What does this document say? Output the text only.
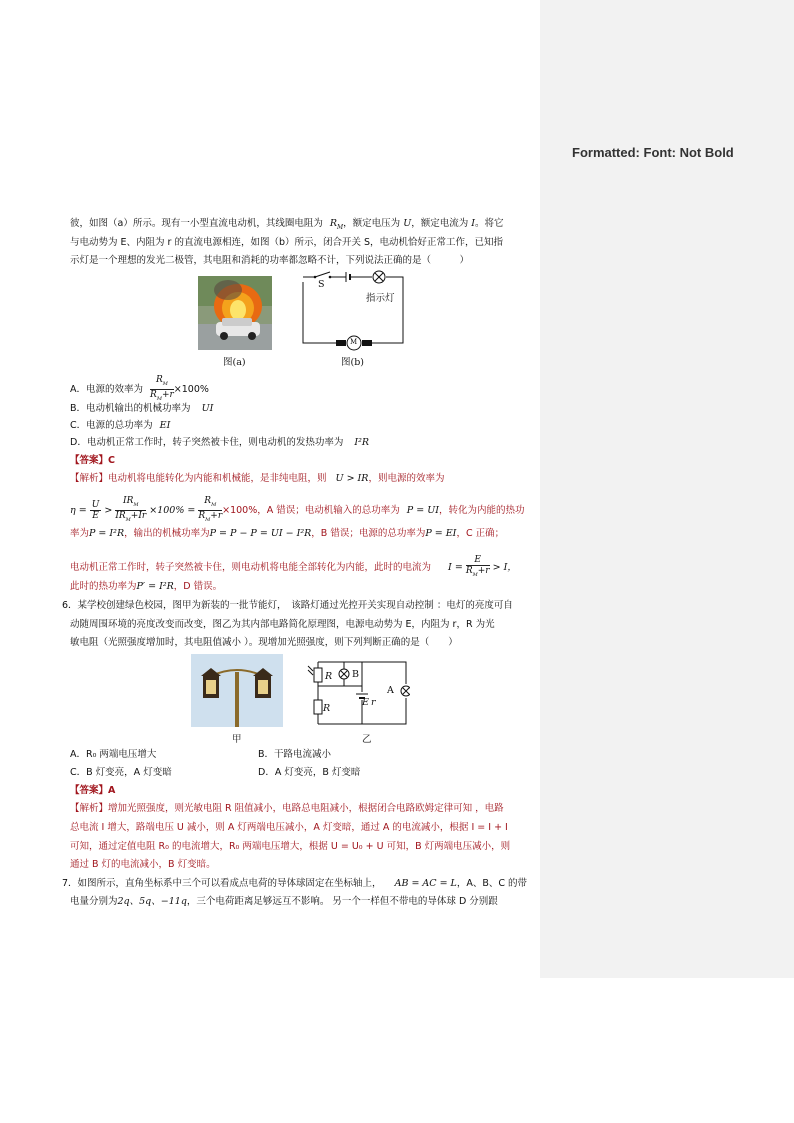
Formatted: Font: Not Bold
彼，如图（a）所示。现有一小型直流电动机，其线圈电阻为 $R_M$，额定电压为 U，额定电流为 I。将它
与电动势为 E、内阻为 r 的直流电源相连，如图（b）所示，闭合开关 S，电动机恰好正常工作，已知指
示灯是一个理想的发光二极管，其电阻和消耗的功率都忽略不计，下列说法正确的是（　　　）
图(a)
S
指示灯
M
图(b)
A．电源的效率为 $\frac{R_M}{R_M+r} \times 100\%$
B．电动机输出的机械功率为 UI
C．电源的总功率为 EI
D．电动机正常工作时，转子突然被卡住，则电动机的发热功率为 I²R
【答案】C
【解析】电动机将电能转化为内能和机械能，是非纯电阻，则 U > IR，则电源的效率为
$\eta = \frac{U}{E} > \frac{IR_M}{IR_M+Ir} \times 100\% = \frac{R_M}{R_M+r} \times 100\%$，A 错误；电动机输入的总功率为 P = UI，转化为内能的热功
率为P = I²R，输出的机械功率为P = P − P = UI − I²R，B 错误；电源的总功率为P = EI，C 正确；
电动机正常工作时，转子突然被卡住，则电动机将电能全部转化为内能，此时的电流为 $I = \frac{E}{R_M+r} > I$，
此时的热功率为P′ = I²R，D 错误。
6．某学校创建绿色校园，图甲为新装的一批节能灯，　该路灯通过光控开关实现自动控制 ：电灯的亮度可自
动随周围环境的亮度改变而改变，图乙为其内部电路简化原理图，电源电动势为 E，内阻为 r，R 为光
敏电阻（光照强度增加时，其电阻值减小 ）。现增加光照强度，则下列判断正确的是（　　）
甲
R B
A
R
E r
乙
A．R₀ 两端电压增大	B．干路电流减小
C．B 灯变亮，A 灯变暗	D．A 灯变亮，B 灯变暗
【答案】A
【解析】增加光照强度，则光敏电阻 R 阻值减小，电路总电阻减小，根据闭合电路欧姆定律可知 ，电路
总电流 I 增大，路端电压 U 减小，则 A 灯两端电压减小，A 灯变暗，通过 A 的电流减小，根据 I = I + I
可知，通过定值电阻 R₀ 的电流增大，R₀ 两端电压增大，根据 U = U₀ + U 可知，B 灯两端电压减小，则
通过 B 灯的电流减小，B 灯变暗。
7．如图所示，直角坐标系中三个可以看成点电荷的导体球固定在坐标轴上， AB = AC = L，A、B、C 的带
电量分别为2q、5q、−11q，三个电荷距离足够远互不影响。 另一个一样但不带电的导体球 D 分别跟
